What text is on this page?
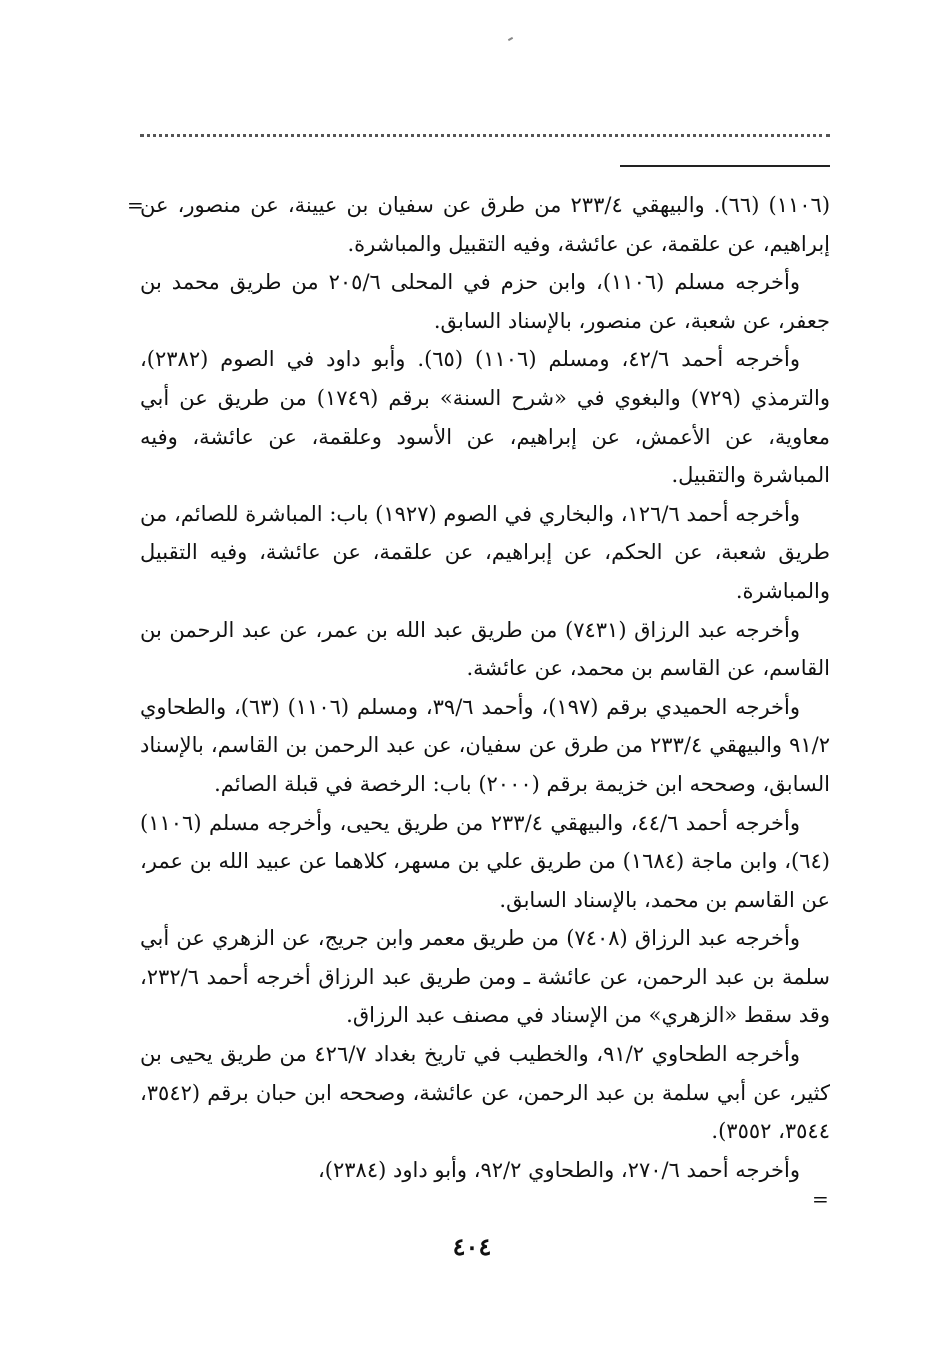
=

(١١٠٦) (٦٦). والبيهقي ٢٣٣/٤ من طرق عن سفيان بن عيينة، عن منصور، عن إبراهيم، عن علقمة، عن عائشة، وفيه التقبيل والمباشرة.

وأخرجه مسلم (١١٠٦)، وابن حزم في المحلى ٢٠٥/٦ من طريق محمد بن جعفر، عن شعبة، عن منصور، بالإسناد السابق.

وأخرجه أحمد ٤٢/٦، ومسلم (١١٠٦) (٦٥). وأبو داود في الصوم (٢٣٨٢)، والترمذي (٧٢٩) والبغوي في «شرح السنة» برقم (١٧٤٩) من طريق عن أبي معاوية، عن الأعمش، عن إبراهيم، عن الأسود وعلقمة، عن عائشة، وفيه المباشرة والتقبيل.

وأخرجه أحمد ١٢٦/٦، والبخاري في الصوم (١٩٢٧) باب: المباشرة للصائم، من طريق شعبة، عن الحكم، عن إبراهيم، عن علقمة، عن عائشة، وفيه التقبيل والمباشرة.

وأخرجه عبد الرزاق (٧٤٣١) من طريق عبد الله بن عمر، عن عبد الرحمن بن القاسم، عن القاسم بن محمد، عن عائشة.

وأخرجه الحميدي برقم (١٩٧)، وأحمد ٣٩/٦، ومسلم (١١٠٦) (٦٣)، والطحاوي ٩١/٢ والبيهقي ٢٣٣/٤ من طرق عن سفيان، عن عبد الرحمن بن القاسم، بالإسناد السابق، وصححه ابن خزيمة برقم (٢٠٠٠) باب: الرخصة في قبلة الصائم.

وأخرجه أحمد ٤٤/٦، والبيهقي ٢٣٣/٤ من طريق يحيى، وأخرجه مسلم (١١٠٦) (٦٤)، وابن ماجة (١٦٨٤) من طريق علي بن مسهر، كلاهما عن عبيد الله بن عمر، عن القاسم بن محمد، بالإسناد السابق.

وأخرجه عبد الرزاق (٧٤٠٨) من طريق معمر وابن جريج، عن الزهري عن أبي سلمة بن عبد الرحمن، عن عائشة ـ ومن طريق عبد الرزاق أخرجه أحمد ٢٣٢/٦، وقد سقط «الزهري» من الإسناد في مصنف عبد الرزاق.

وأخرجه الطحاوي ٩١/٢، والخطيب في تاريخ بغداد ٤٢٦/٧ من طريق يحيى بن كثير، عن أبي سلمة بن عبد الرحمن، عن عائشة، وصححه ابن حبان برقم (٣٥٤٢، ٣٥٤٤، ٣٥٥٢).

وأخرجه أحمد ٢٧٠/٦، والطحاوي ٩٢/٢، وأبو داود (٢٣٨٤)،

=
٤٠٤
